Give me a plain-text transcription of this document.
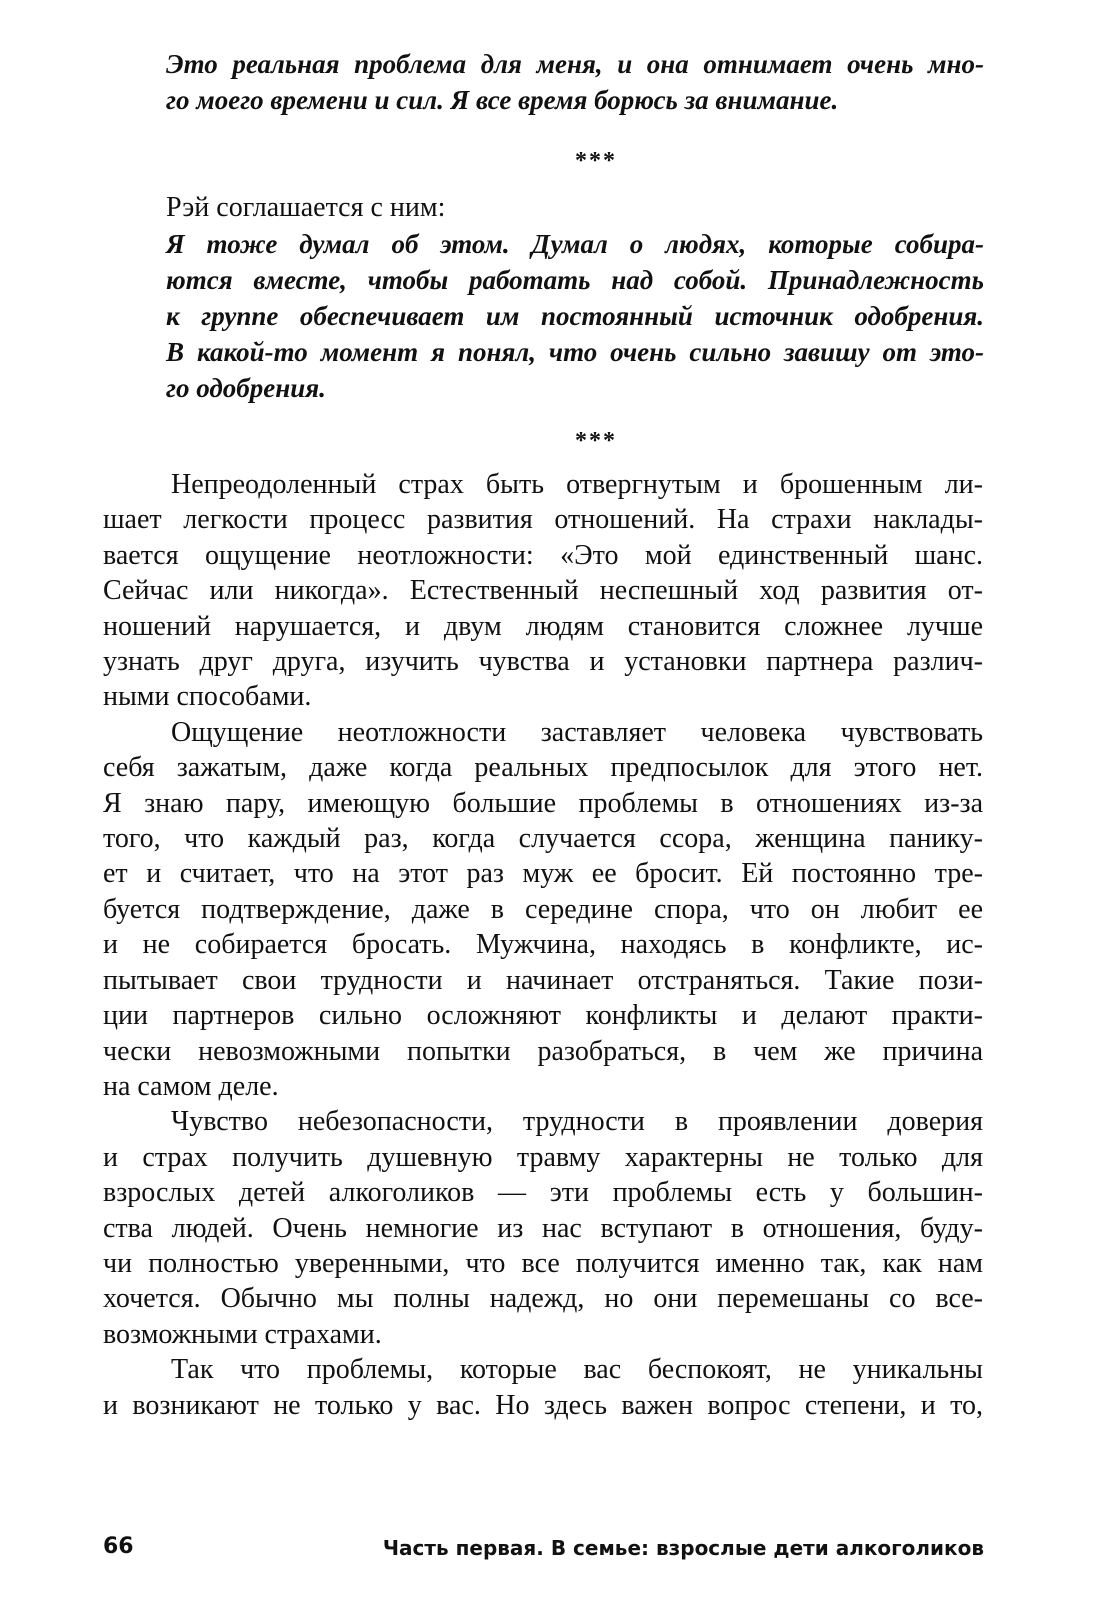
Это реальная проблема для меня, и она отнимает очень мно-
го моего времени и сил. Я все время борюсь за внимание.
***
Рэй соглашается с ним:
Я тоже думал об этом. Думал о людях, которые собира-
ются вместе, чтобы работать над собой. Принадлежность
к группе обеспечивает им постоянный источник одобрения.
В какой-то момент я понял, что очень сильно завишу от это-
го одобрения.
***
Непреодоленный страх быть отвергнутым и брошенным ли-
шает легкости процесс развития отношений. На страхи наклады-
вается ощущение неотложности: «Это мой единственный шанс.
Сейчас или никогда». Естественный неспешный ход развития от-
ношений нарушается, и двум людям становится сложнее лучше
узнать друг друга, изучить чувства и установки партнера различ-
ными способами.
Ощущение неотложности заставляет человека чувствовать
себя зажатым, даже когда реальных предпосылок для этого нет.
Я знаю пару, имеющую большие проблемы в отношениях из-за
того, что каждый раз, когда случается ссора, женщина панику-
ет и считает, что на этот раз муж ее бросит. Ей постоянно тре-
буется подтверждение, даже в середине спора, что он любит ее
и не собирается бросать. Мужчина, находясь в конфликте, ис-
пытывает свои трудности и начинает отстраняться. Такие пози-
ции партнеров сильно осложняют конфликты и делают практи-
чески невозможными попытки разобраться, в чем же причина
на самом деле.
Чувство небезопасности, трудности в проявлении доверия
и страх получить душевную травму характерны не только для
взрослых детей алкоголиков — эти проблемы есть у большин-
ства людей. Очень немногие из нас вступают в отношения, буду-
чи полностью уверенными, что все получится именно так, как нам
хочется. Обычно мы полны надежд, но они перемешаны со все-
возможными страхами.
Так что проблемы, которые вас беспокоят, не уникальны
и возникают не только у вас. Но здесь важен вопрос степени, и то,
66	Часть первая. В семье: взрослые дети алкоголиков
